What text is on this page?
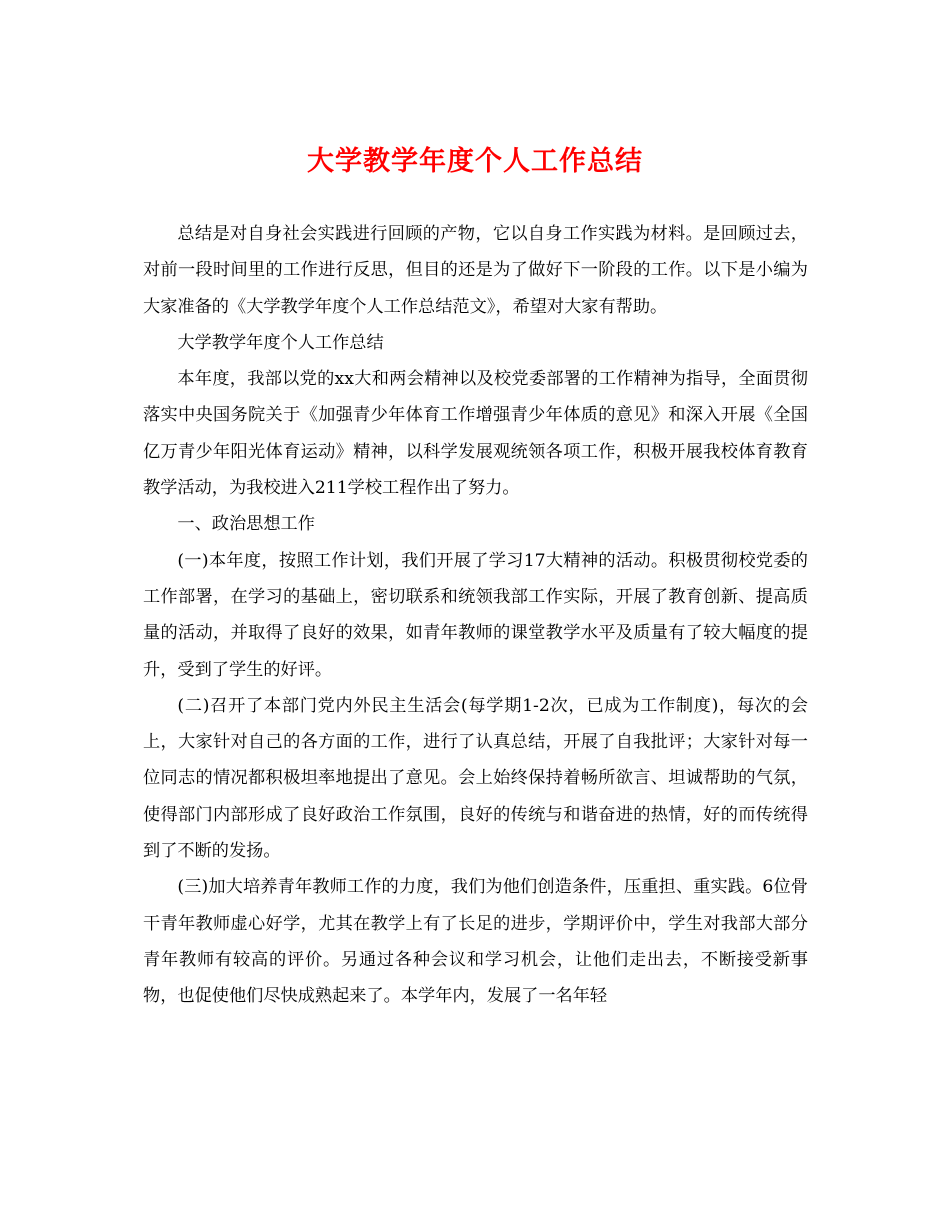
大学教学年度个人工作总结

总结是对自身社会实践进行回顾的产物，它以自身工作实践为材料。是回顾过去，对前一段时间里的工作进行反思，但目的还是为了做好下一阶段的工作。以下是小编为大家准备的《大学教学年度个人工作总结范文》，希望对大家有帮助。

大学教学年度个人工作总结

本年度，我部以党的xx大和两会精神以及校党委部署的工作精神为指导，全面贯彻落实中央国务院关于《加强青少年体育工作增强青少年体质的意见》和深入开展《全国亿万青少年阳光体育运动》精神，以科学发展观统领各项工作，积极开展我校体育教育教学活动，为我校进入211学校工程作出了努力。

一、政治思想工作

(一)本年度，按照工作计划，我们开展了学习17大精神的活动。积极贯彻校党委的工作部署，在学习的基础上，密切联系和统领我部工作实际，开展了教育创新、提高质量的活动，并取得了良好的效果，如青年教师的课堂教学水平及质量有了较大幅度的提升，受到了学生的好评。

(二)召开了本部门党内外民主生活会(每学期1-2次，已成为工作制度)，每次的会上，大家针对自己的各方面的工作，进行了认真总结，开展了自我批评；大家针对每一位同志的情况都积极坦率地提出了意见。会上始终保持着畅所欲言、坦诚帮助的气氛，使得部门内部形成了良好政治工作氛围，良好的传统与和谐奋进的热情，好的而传统得到了不断的发扬。

(三)加大培养青年教师工作的力度，我们为他们创造条件，压重担、重实践。6位骨干青年教师虚心好学，尤其在教学上有了长足的进步，学期评价中，学生对我部大部分青年教师有较高的评价。另通过各种会议和学习机会，让他们走出去，不断接受新事物，也促使他们尽快成熟起来了。本学年内，发展了一名年轻
